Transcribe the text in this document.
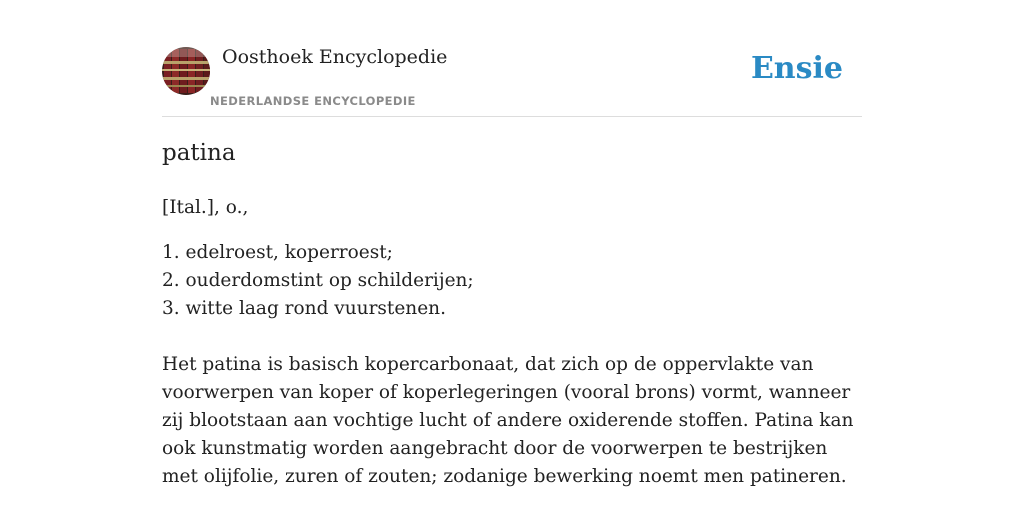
Oosthoek Encyclopedie
NEDERLANDSE ENCYCLOPEDIE
Ensie
patina
[Ital.], o.,
1. edelroest, koperroest;
2. ouderdomstint op schilderijen;
3. witte laag rond vuurstenen.

Het patina is basisch kopercarbonaat, dat zich op de oppervlakte van voorwerpen van koper of koperlegeringen (vooral brons) vormt, wanneer zij blootstaan aan vochtige lucht of andere oxiderende stoffen. Patina kan ook kunstmatig worden aangebracht door de voorwerpen te bestrijken met olijfolie, zuren of zouten; zodanige bewerking noemt men patineren.
